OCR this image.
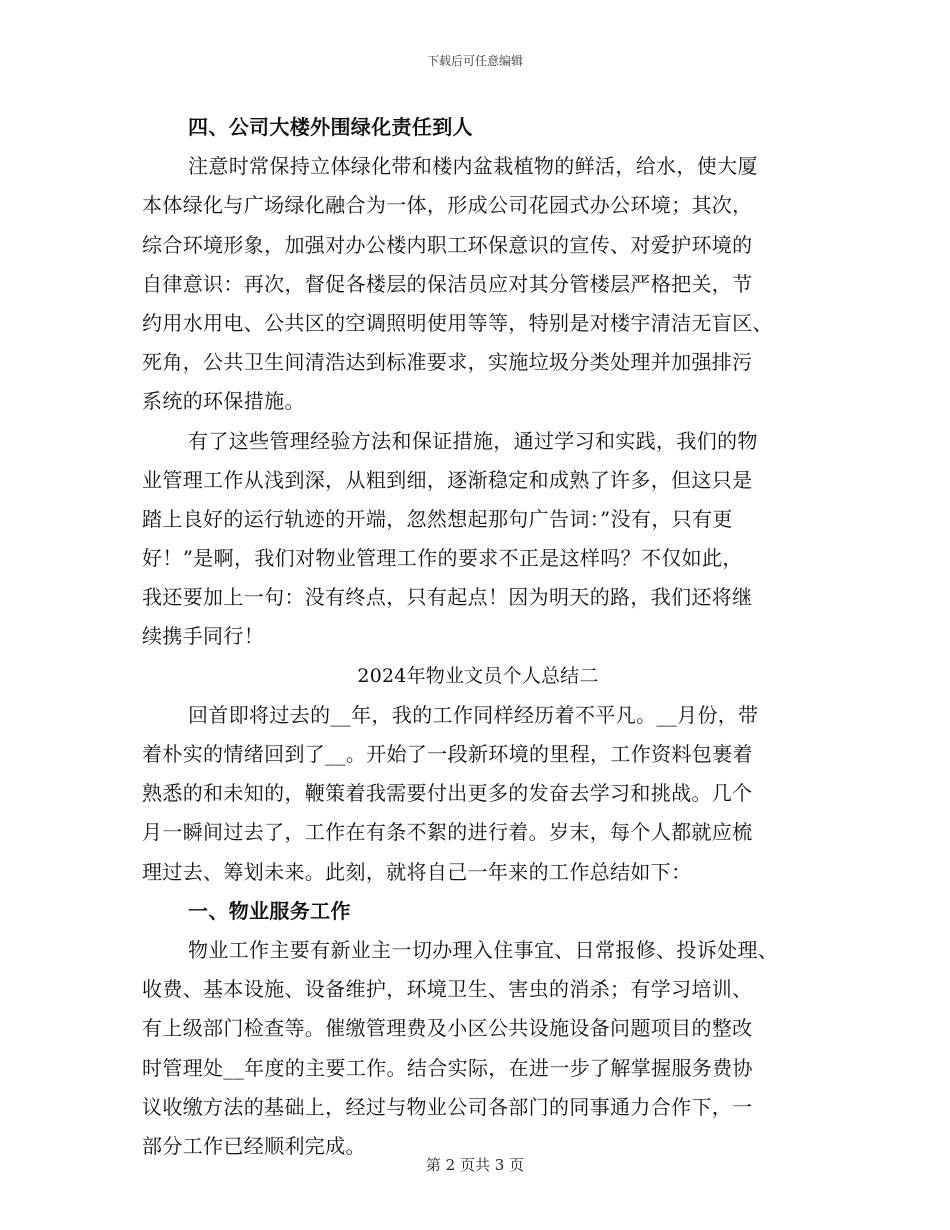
下载后可任意编辑
四、公司大楼外围绿化责任到人
注意时常保持立体绿化带和楼内盆栽植物的鲜活，给水，使大厦
本体绿化与广场绿化融合为一体，形成公司花园式办公环境；其次，
综合环境形象，加强对办公楼内职工环保意识的宣传、对爱护环境的
自律意识：再次，督促各楼层的保洁员应对其分管楼层严格把关，节
约用水用电、公共区的空调照明使用等等，特别是对楼宇清洁无盲区、
死角，公共卫生间清浩达到标准要求，实施垃圾分类处理并加强排污
系统的环保措施。
有了这些管理经验方法和保证措施，通过学习和实践，我们的物
业管理工作从浅到深，从粗到细，逐渐稳定和成熟了许多，但这只是
踏上良好的运行轨迹的开端，忽然想起那句广告词：”没有，只有更
好！”是啊，我们对物业管理工作的要求不正是这样吗？不仅如此，
我还要加上一句：没有终点，只有起点！因为明天的路，我们还将继
续携手同行！
2024年物业文员个人总结二
回首即将过去的__年，我的工作同样经历着不平凡。__月份，带
着朴实的情绪回到了__。开始了一段新环境的里程，工作资料包裹着
熟悉的和未知的，鞭策着我需要付出更多的发奋去学习和挑战。几个
月一瞬间过去了，工作在有条不絮的进行着。岁末，每个人都就应梳
理过去、筹划未来。此刻，就将自己一年来的工作总结如下：
一、物业服务工作
物业工作主要有新业主一切办理入住事宜、日常报修、投诉处理、
收费、基本设施、设备维护，环境卫生、害虫的消杀；有学习培训、
有上级部门检查等。催缴管理费及小区公共设施设备问题项目的整改
时管理处__年度的主要工作。结合实际，在进一步了解掌握服务费协
议收缴方法的基础上，经过与物业公司各部门的同事通力合作下，一
部分工作已经顺利完成。
第 2 页共 3 页
